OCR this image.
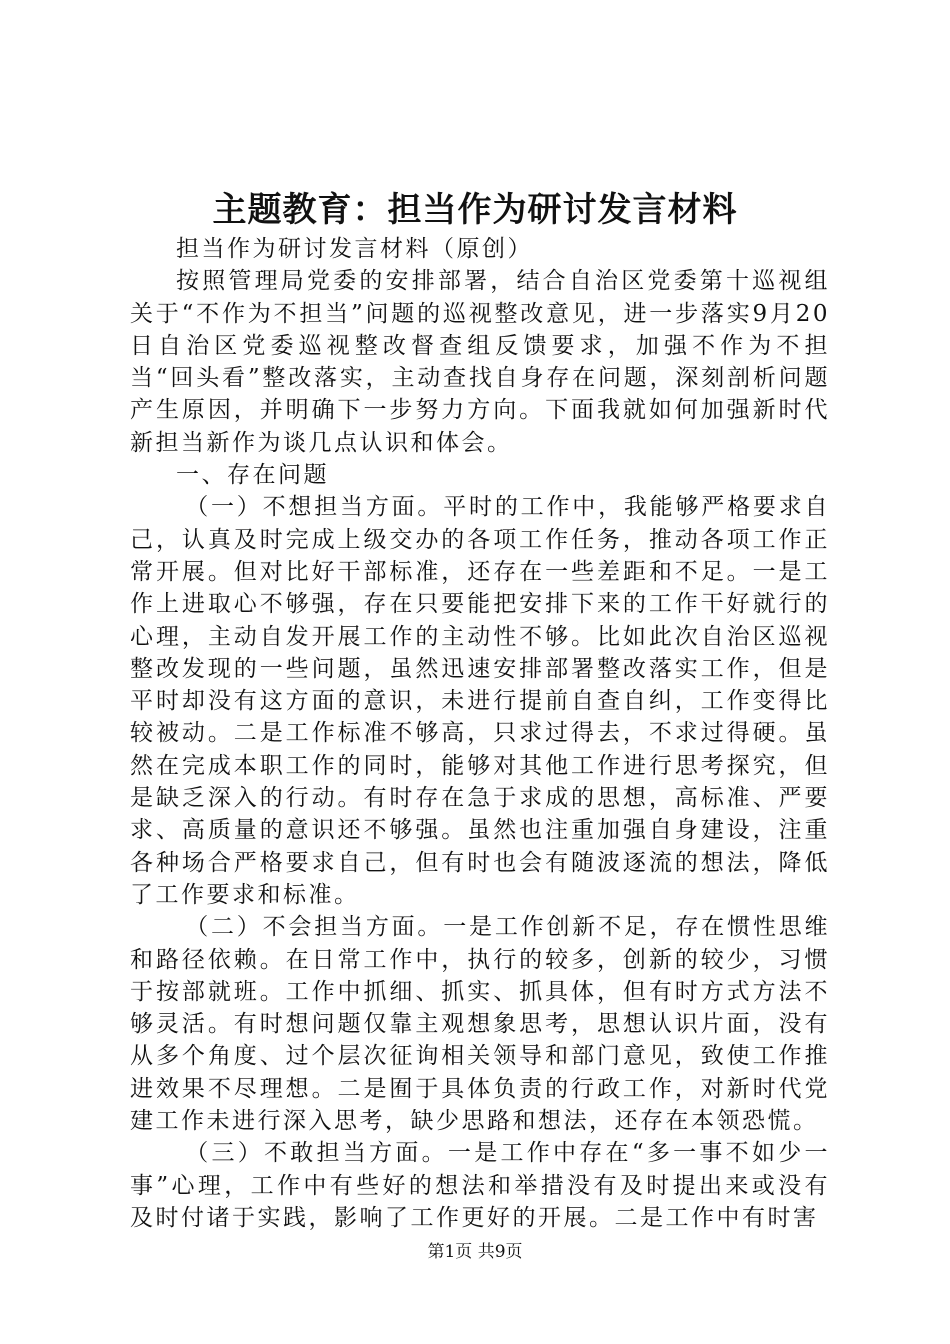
主题教育：担当作为研讨发言材料

担当作为研讨发言材料（原创）

按照管理局党委的安排部署，结合自治区党委第十巡视组关于“不作为不担当”问题的巡视整改意见，进一步落实9月20日自治区党委巡视整改督查组反馈要求，加强不作为不担当“回头看”整改落实，主动查找自身存在问题，深刻剖析问题产生原因，并明确下一步努力方向。下面我就如何加强新时代新担当新作为谈几点认识和体会。

一、存在问题

（一）不想担当方面。平时的工作中，我能够严格要求自己，认真及时完成上级交办的各项工作任务，推动各项工作正常开展。但对比好干部标准，还存在一些差距和不足。一是工作上进取心不够强，存在只要能把安排下来的工作干好就行的心理，主动自发开展工作的主动性不够。比如此次自治区巡视整改发现的一些问题，虽然迅速安排部署整改落实工作，但是平时却没有这方面的意识，未进行提前自查自纠，工作变得比较被动。二是工作标准不够高，只求过得去，不求过得硬。虽然在完成本职工作的同时，能够对其他工作进行思考探究，但是缺乏深入的行动。有时存在急于求成的思想，高标准、严要求、高质量的意识还不够强。虽然也注重加强自身建设，注重各种场合严格要求自己，但有时也会有随波逐流的想法，降低了工作要求和标准。

（二）不会担当方面。一是工作创新不足，存在惯性思维和路径依赖。在日常工作中，执行的较多，创新的较少，习惯于按部就班。工作中抓细、抓实、抓具体，但有时方式方法不够灵活。有时想问题仅靠主观想象思考，思想认识片面，没有从多个角度、过个层次征询相关领导和部门意见，致使工作推进效果不尽理想。二是囿于具体负责的行政工作，对新时代党建工作未进行深入思考，缺少思路和想法，还存在本领恐慌。

（三）不敢担当方面。一是工作中存在“多一事不如少一事”心理，工作中有些好的想法和举措没有及时提出来或没有及时付诸于实践，影响了工作更好的开展。二是工作中有时害

第1页 共9页
